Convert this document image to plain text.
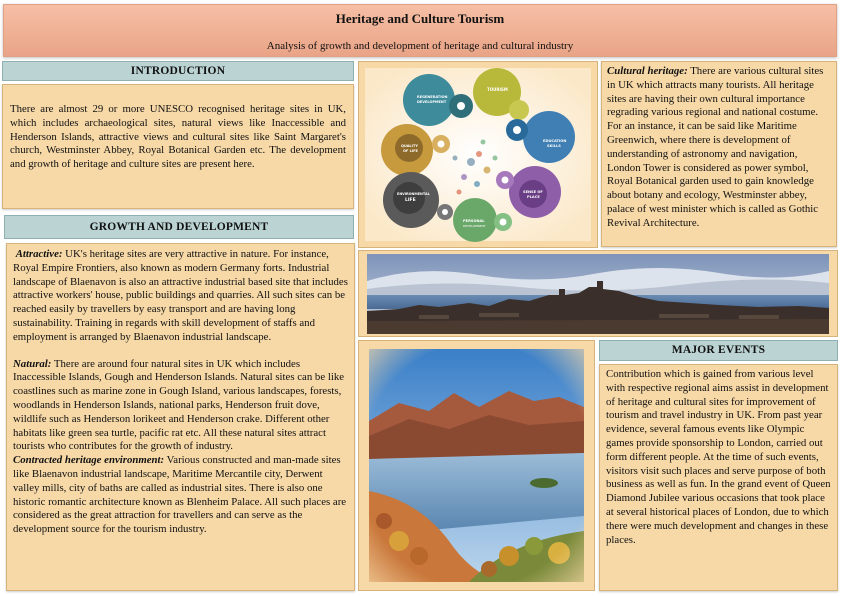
Heritage and Culture Tourism
Analysis of growth and development of heritage and cultural industry
INTRODUCTION
There are almost 29 or more UNESCO recognised heritage sites in UK, which includes archaeological sites, natural views like Inaccessible and Henderson Islands, attractive views and cultural sites like Saint Margaret's church, Westminster Abbey, Royal Botanical Garden etc. The development and growth of heritage and culture sites are present here.
GROWTH AND DEVELOPMENT
Attractive: UK's heritage sites are very attractive in nature. For instance, Royal Empire Frontiers, also known as modern Germany forts. Industrial landscape of Blaenavon is also an attractive industrial based site that includes attractive workers' house, public buildings and quarries. All such sites can be reached easily by travellers by easy transport and are having long sustainability. Training in regards with skill development of staffs and employment is arranged by Blaenavon industrial landscape.
Natural: There are around four natural sites in UK which includes Inaccessible Islands, Gough and Henderson Islands. Natural sites can be like coastlines such as marine zone in Gough Island, various landscapes, forests, woodlands in Henderson Islands, national parks, Henderson fruit dove, wildlife such as Henderson lorikeet and Henderson crake. Different other habitats like green sea turtle, pacific rat etc. All these natural sites attract tourists who contributes for the growth of industry.
Contracted heritage environment: Various constructed and man-made sites like Blaenavon industrial landscape, Maritime Mercantile city, Derwent valley mills, city of baths are called as industrial sites. There is also one historic romantic architecture known as Blenheim Palace. All such places are considered as the great attraction for travellers and can serve as the development source for the tourism industry.
REGENERATION
DEVELOPMENT
TOURISM
EDUCATION
SKILLS
QUALITY
OF LIFE
ENVIRONMENTAL
LIFE
SENSE OF
PLACE
PERSONAL
DEVELOPMENT
Cultural heritage: There are various cultural sites in UK which attracts many tourists. All heritage sites are having their own cultural importance regrading various regional and national costume. For an instance, it can be said like Maritime Greenwich, where there is development of understanding of astronomy and navigation, London Tower is considered as power symbol, Royal Botanical garden used to gain knowledge about botany and ecology, Westminster abbey, palace of west minister which is called as Gothic Revival Architecture.
MAJOR EVENTS
Contribution which is gained from various level with respective regional aims assist in development of heritage and cultural sites for improvement of tourism and travel industry in UK. From past year evidence, several famous events like Olympic games provide sponsorship to London, carried out form different people. At the time of such events, visitors visit such places and serve purpose of both business as well as fun. In the grand event of Queen Diamond Jubilee various occasions that took place at several historical places of London, due to which there were much development and changes in these places.
